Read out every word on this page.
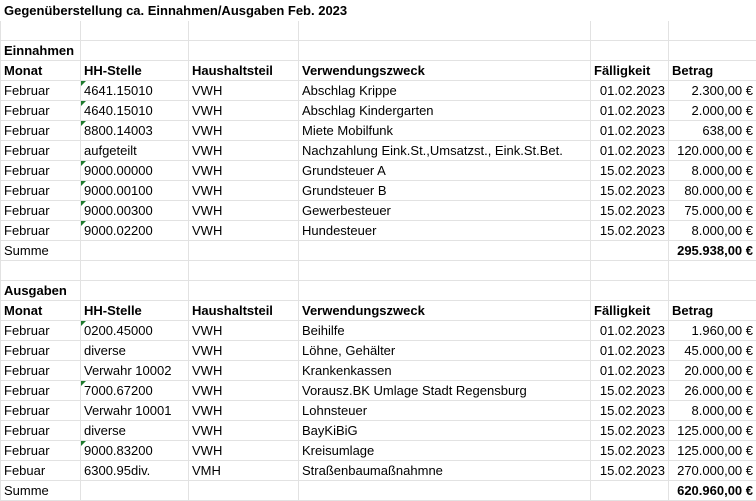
Gegenüberstellung ca. Einnahmen/Ausgaben Feb. 2023					

Einnahmen					
Monat	HH-Stelle	Haushaltsteil	Verwendungszweck	Fälligkeit	Betrag
Februar	4641.15010	VWH	Abschlag Krippe	01.02.2023	2.300,00 €
Februar	4640.15010	VWH	Abschlag Kindergarten	01.02.2023	2.000,00 €
Februar	8800.14003	VWH	Miete Mobilfunk	01.02.2023	638,00 €
Februar	aufgeteilt	VWH	Nachzahlung Eink.St.,Umsatzst., Eink.St.Bet.	01.02.2023	120.000,00 €
Februar	9000.00000	VWH	Grundsteuer A	15.02.2023	8.000,00 €
Februar	9000.00100	VWH	Grundsteuer B	15.02.2023	80.000,00 €
Februar	9000.00300	VWH	Gewerbesteuer	15.02.2023	75.000,00 €
Februar	9000.02200	VWH	Hundesteuer	15.02.2023	8.000,00 €
Summe					295.938,00 €

Ausgaben					
Monat	HH-Stelle	Haushaltsteil	Verwendungszweck	Fälligkeit	Betrag
Februar	0200.45000	VWH	Beihilfe	01.02.2023	1.960,00 €
Februar	diverse	VWH	Löhne, Gehälter	01.02.2023	45.000,00 €
Februar	Verwahr 10002	VWH	Krankenkassen	01.02.2023	20.000,00 €
Februar	7000.67200	VWH	Vorausz.BK Umlage Stadt Regensburg	15.02.2023	26.000,00 €
Februar	Verwahr 10001	VWH	Lohnsteuer	15.02.2023	8.000,00 €
Februar	diverse	VWH	BayKiBiG	15.02.2023	125.000,00 €
Februar	9000.83200	VWH	Kreisumlage	15.02.2023	125.000,00 €
Febuar	6300.95div.	VMH	Straßenbaumaßnahmne	15.02.2023	270.000,00 €
Summe					620.960,00 €
